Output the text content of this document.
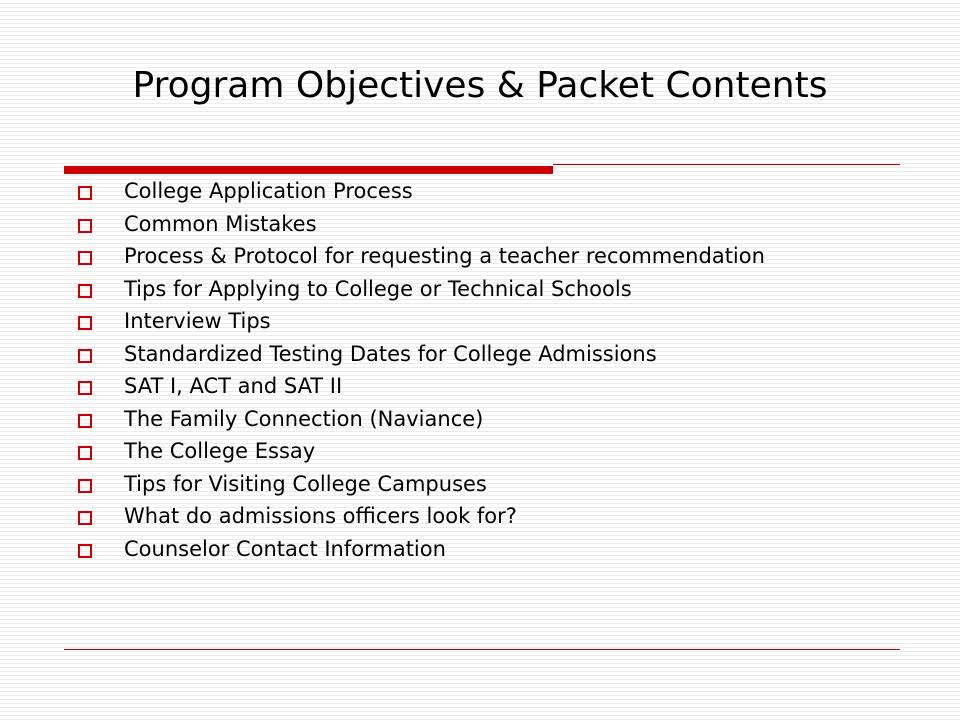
Program Objectives & Packet Contents
College Application Process
Common Mistakes
Process & Protocol for requesting a teacher recommendation
Tips for Applying to College or Technical Schools
Interview Tips
Standardized Testing Dates for College Admissions
SAT I, ACT and SAT II
The Family Connection (Naviance)
The College Essay
Tips for Visiting College Campuses
What do admissions officers look for?
Counselor Contact Information
